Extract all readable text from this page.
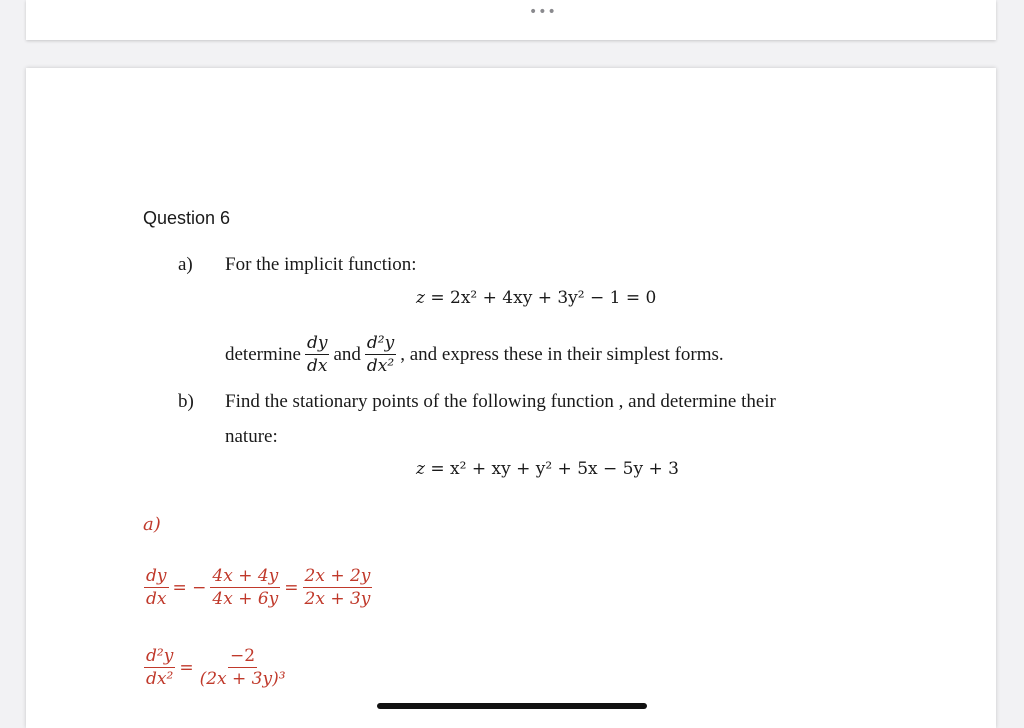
•••
Question 6
a) For the implicit function:
z = 2x² + 4xy + 3y² − 1 = 0
determine $\frac{dy}{dx}$ and $\frac{\text{d²y}}{\text{dx²}}$ , and express these in their simplest forms.
b) Find the stationary points of the following function , and determine their
nature:
z = x² + xy + y² + 5x − 5y + 3
a)
$\frac{dy}{dx}$ = − $\frac{4x + 4y}{4x + 6y} = \frac{2x + 2y}{2x + 3y}$
$\frac{\text{d²y}}{\text{dx²}} = \frac{-2}{\text{(2x + 3y)³}}$
